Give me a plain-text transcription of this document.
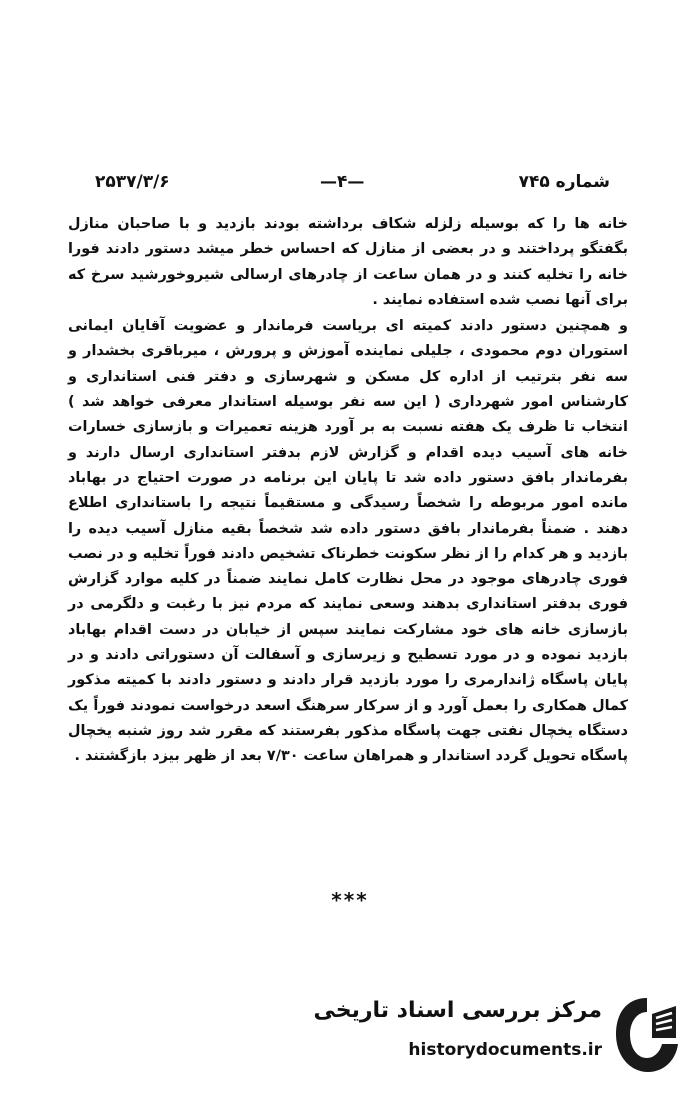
شماره ۷۴۵
—۴—
۲۵۳۷/۳/۶

خانه ها را که بوسیله زلزله شکاف برداشته بودند بازدید و با صاحبان منازل بگفتگو پرداختند و در بعضی از منازل که احساس خطر میشد دستور دادند فورا خانه را تخلیه کنند و در همان ساعت از چادرهای ارسالی شیروخورشید سرخ که برای آنها نصب شده استفاده نمایند .

و همچنین دستور دادند کمیته ای بریاست فرماندار و عضویت آقایان ایمانی استوران دوم محمودی ، جلیلی نماینده آموزش و پرورش ، میرباقری بخشدار و سه نفر بترتیب از اداره کل مسکن و شهرسازی و دفتر فنی استانداری و کارشناس امور شهرداری ( این سه نفر بوسیله استاندار معرفی خواهد شد ) انتخاب تا ظرف یک هفته نسبت به بر آورد هزینه تعمیرات و بازسازی خسارات خانه های آسیب دیده اقدام و گزارش لازم بدفتر استانداری ارسال دارند و بفرماندار بافق دستور داده شد تا پایان این برنامه در صورت احتیاج در بهاباد مانده امور مربوطه را شخصاً رسیدگی و مستقیماً نتیجه را باستانداری اطلاع دهند . ضمناً بفرماندار بافق دستور داده شد شخصاً بقیه منازل آسیب دیده را بازدید و هر کدام را از نظر سکونت خطرناک تشخیص دادند فوراً تخلیه و در نصب فوری چادرهای موجود در محل نظارت کامل نمایند ضمناً در کلیه موارد گزارش فوری بدفتر استانداری بدهند وسعی نمایند که مردم نیز با رغبت و دلگرمی در بازسازی خانه های خود مشارکت نمایند سپس از خیابان در دست اقدام بهاباد بازدید نموده و در مورد تسطیح و زیرسازی و آسفالت آن دستوراتی دادند و در پایان پاسگاه ژاندارمری را مورد بازدید قرار دادند و دستور دادند با کمیته مذکور کمال همکاری را بعمل آورد و از سرکار سرهنگ اسعد درخواست نمودند فوراً یک دستگاه یخچال نفتی جهت پاسگاه مذکور بفرستند که مقرر شد روز شنبه یخچال پاسگاه تحویل گردد استاندار و همراهان ساعت ۷/۳۰ بعد از ظهر بیزد بازگشتند .

***
مرکز بررسی اسناد تاریخی
historydocuments.ir
